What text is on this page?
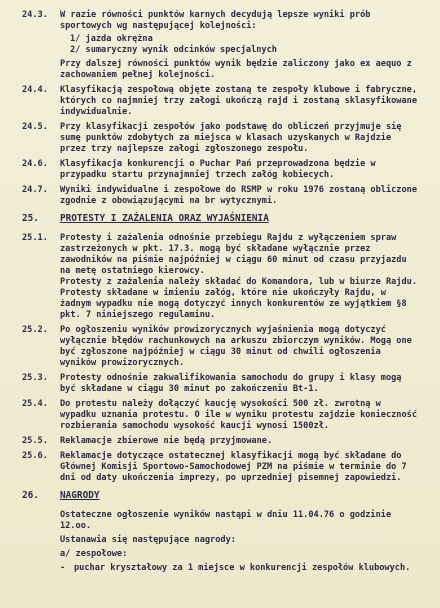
24.3. W razie równości punktów karnych decydują lepsze wyniki prób sportowych wg następującej kolejności:

1/ jazda okrężna

2/ sumaryczny wynik odcinków specjalnych

Przy dalszej równości punktów wynik będzie zaliczony jako ex aequo z zachowaniem pełnej kolejności.
24.4. Klasyfikacją zespołową objęte zostaną te zespoły klubowe i fabryczne, których co najmniej trzy załogi ukończą rajd i zostaną sklasyfikowane indywidualnie.
24.5. Przy klasyfikacji zespołów jako podstawę do obliczeń przyjmuje się sumę punktów zdobytych za miejsca w klasach uzyskanych w Rajdzie przez trzy najlepsze załogi zgłoszonego zespołu.
24.6. Klasyfikacja konkurencji o Puchar Pań przeprowadzona będzie w przypadku startu przynajmniej trzech załóg kobiecych.
24.7. Wyniki indywidualne i zespołowe do RSMP w roku 1976 zostaną obliczone zgodnie z obowiązującymi na br wytycznymi.
25. PROTESTY I ZAŻALENIA ORAZ WYJAŚNIENIA
25.1. Protesty i zażalenia odnośnie przebiegu Rajdu z wyłączeniem spraw zastrzeżonych w pkt. 17.3. mogą być składane wyłącznie przez zawodników na piśmie najpóźniej w ciągu 60 minut od czasu przyjazdu na metę ostatniego kierowcy.
Protesty z zażalenia należy składać do Komandora, lub w biurze Rajdu. Protesty składane w imieniu załóg, które nie ukończyły Rajdu, w żadnym wypadku nie mogą dotyczyć innych konkurentów ze wyjątkiem §8 pkt. 7 niniejszego regulaminu.
25.2. Po ogłoszeniu wyników prowizorycznych wyjaśnienia mogą dotyczyć wyłącznie błędów rachunkowych na arkuszu zbiorczym wyników. Mogą one być zgłoszone najpóźniej w ciągu 30 minut od chwili ogłoszenia wyników prowizorycznych.
25.3. Protesty odnośnie zakwalifikowania samochodu do grupy i klasy mogą być składane w ciągu 30 minut po zakończeniu Bt-1.
25.4. Do protestu należy dołączyć kaucję wysokości 500 zł. zwrotną w wypadku uznania protestu. O ile w wyniku protestu zajdzie konieczność rozbierania samochodu wysokość kaucji wynosi 1500zł.
25.5. Reklamacje zbierowe nie będą przyjmowane.
25.6. Reklamacje dotyczące ostatecznej klasyfikacji mogą być składane do Głównej Komisji Sportowo-Samochodowej PZM na piśmie w terminie do 7 dni od daty ukończenia imprezy, po uprzedniej pisemnej zapowiedzi.
26. NAGRODY
Ostateczne ogłoszenie wyników nastąpi w dniu 11.04.76 o godzinie 12.oo.
Ustanawia się następujące nagrody:
a/ zespołowe:
- puchar kryształowy za 1 miejsce w konkurencji zespołów klubowych.
